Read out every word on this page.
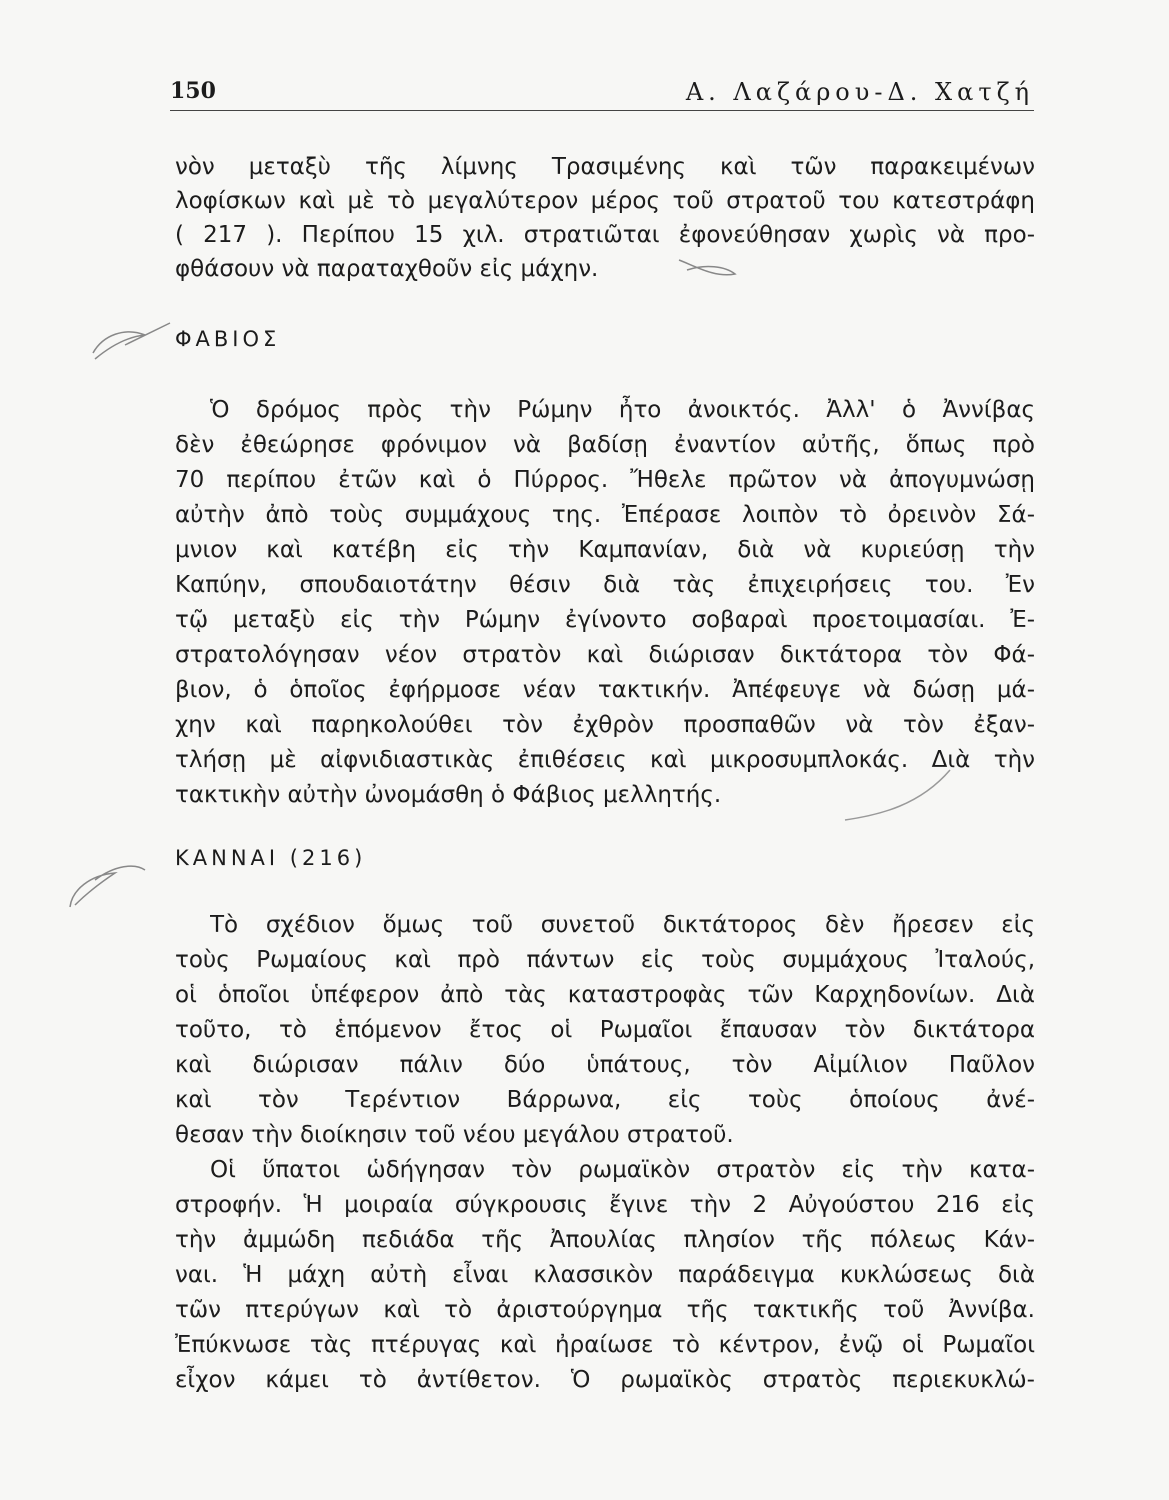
150	Α. Λαζάρου-Δ. Χατζή
νὸν μεταξὺ τῆς λίμνης Τρασιμένης καὶ τῶν παρακειμένων
λοφίσκων καὶ μὲ τὸ μεγαλύτερον μέρος τοῦ στρατοῦ του κατεστράφη
( 217 ). Περίπου 15 χιλ. στρατιῶται ἐφονεύθησαν χωρὶς νὰ προ-
φθάσουν νὰ παραταχθοῦν εἰς μάχην.
ΦΑΒΙΟΣ
Ὁ δρόμος πρὸς τὴν Ρώμην ἦτο ἀνοικτός. Ἀλλ' ὁ Ἀννίβας
δὲν ἐθεώρησε φρόνιμον νὰ βαδίσῃ ἐναντίον αὐτῆς, ὅπως πρὸ
70 περίπου ἐτῶν καὶ ὁ Πύρρος. Ἤθελε πρῶτον νὰ ἀπογυμνώσῃ
αὐτὴν ἀπὸ τοὺς συμμάχους της. Ἐπέρασε λοιπὸν τὸ ὀρεινὸν Σά-
μνιον καὶ κατέβη εἰς τὴν Καμπανίαν, διὰ νὰ κυριεύσῃ τὴν
Καπύην, σπουδαιοτάτην θέσιν διὰ τὰς ἐπιχειρήσεις του. Ἐν
τῷ μεταξὺ εἰς τὴν Ρώμην ἐγίνοντο σοβαραὶ προετοιμασίαι. Ἐ-
στρατολόγησαν νέον στρατὸν καὶ διώρισαν δικτάτορα τὸν Φά-
βιον, ὁ ὁποῖος ἐφήρμοσε νέαν τακτικήν. Ἀπέφευγε νὰ δώσῃ μά-
χην καὶ παρηκολούθει τὸν ἐχθρὸν προσπαθῶν νὰ τὸν ἐξαν-
τλήσῃ μὲ αἰφνιδιαστικὰς ἐπιθέσεις καὶ μικροσυμπλοκάς. Διὰ τὴν
τακτικὴν αὐτὴν ὠνομάσθη ὁ Φάβιος μελλητής.
ΚΑΝΝΑΙ (216)
Τὸ σχέδιον ὅμως τοῦ συνετοῦ δικτάτορος δὲν ἤρεσεν εἰς
τοὺς Ρωμαίους καὶ πρὸ πάντων εἰς τοὺς συμμάχους Ἰταλούς,
οἱ ὁποῖοι ὑπέφερον ἀπὸ τὰς καταστροφὰς τῶν Καρχηδονίων. Διὰ
τοῦτο, τὸ ἑπόμενον ἔτος οἱ Ρωμαῖοι ἔπαυσαν τὸν δικτάτορα
καὶ διώρισαν πάλιν δύο ὑπάτους, τὸν Αἰμίλιον Παῦλον
καὶ τὸν Τερέντιον Βάρρωνα, εἰς τοὺς ὁποίους ἀνέ-
θεσαν τὴν διοίκησιν τοῦ νέου μεγάλου στρατοῦ.
Οἱ ὕπατοι ὡδήγησαν τὸν ρωμαϊκὸν στρατὸν εἰς τὴν κατα-
στροφήν. Ἡ μοιραία σύγκρουσις ἔγινε τὴν 2 Αὐγούστου 216 εἰς
τὴν ἀμμώδη πεδιάδα τῆς Ἀπουλίας πλησίον τῆς πόλεως Κάν-
ναι. Ἡ μάχη αὐτὴ εἶναι κλασσικὸν παράδειγμα κυκλώσεως διὰ
τῶν πτερύγων καὶ τὸ ἀριστούργημα τῆς τακτικῆς τοῦ Ἀννίβα.
Ἐπύκνωσε τὰς πτέρυγας καὶ ἠραίωσε τὸ κέντρον, ἐνῷ οἱ Ρωμαῖοι
εἶχον κάμει τὸ ἀντίθετον. Ὁ ρωμαϊκὸς στρατὸς περιεκυκλώ-
